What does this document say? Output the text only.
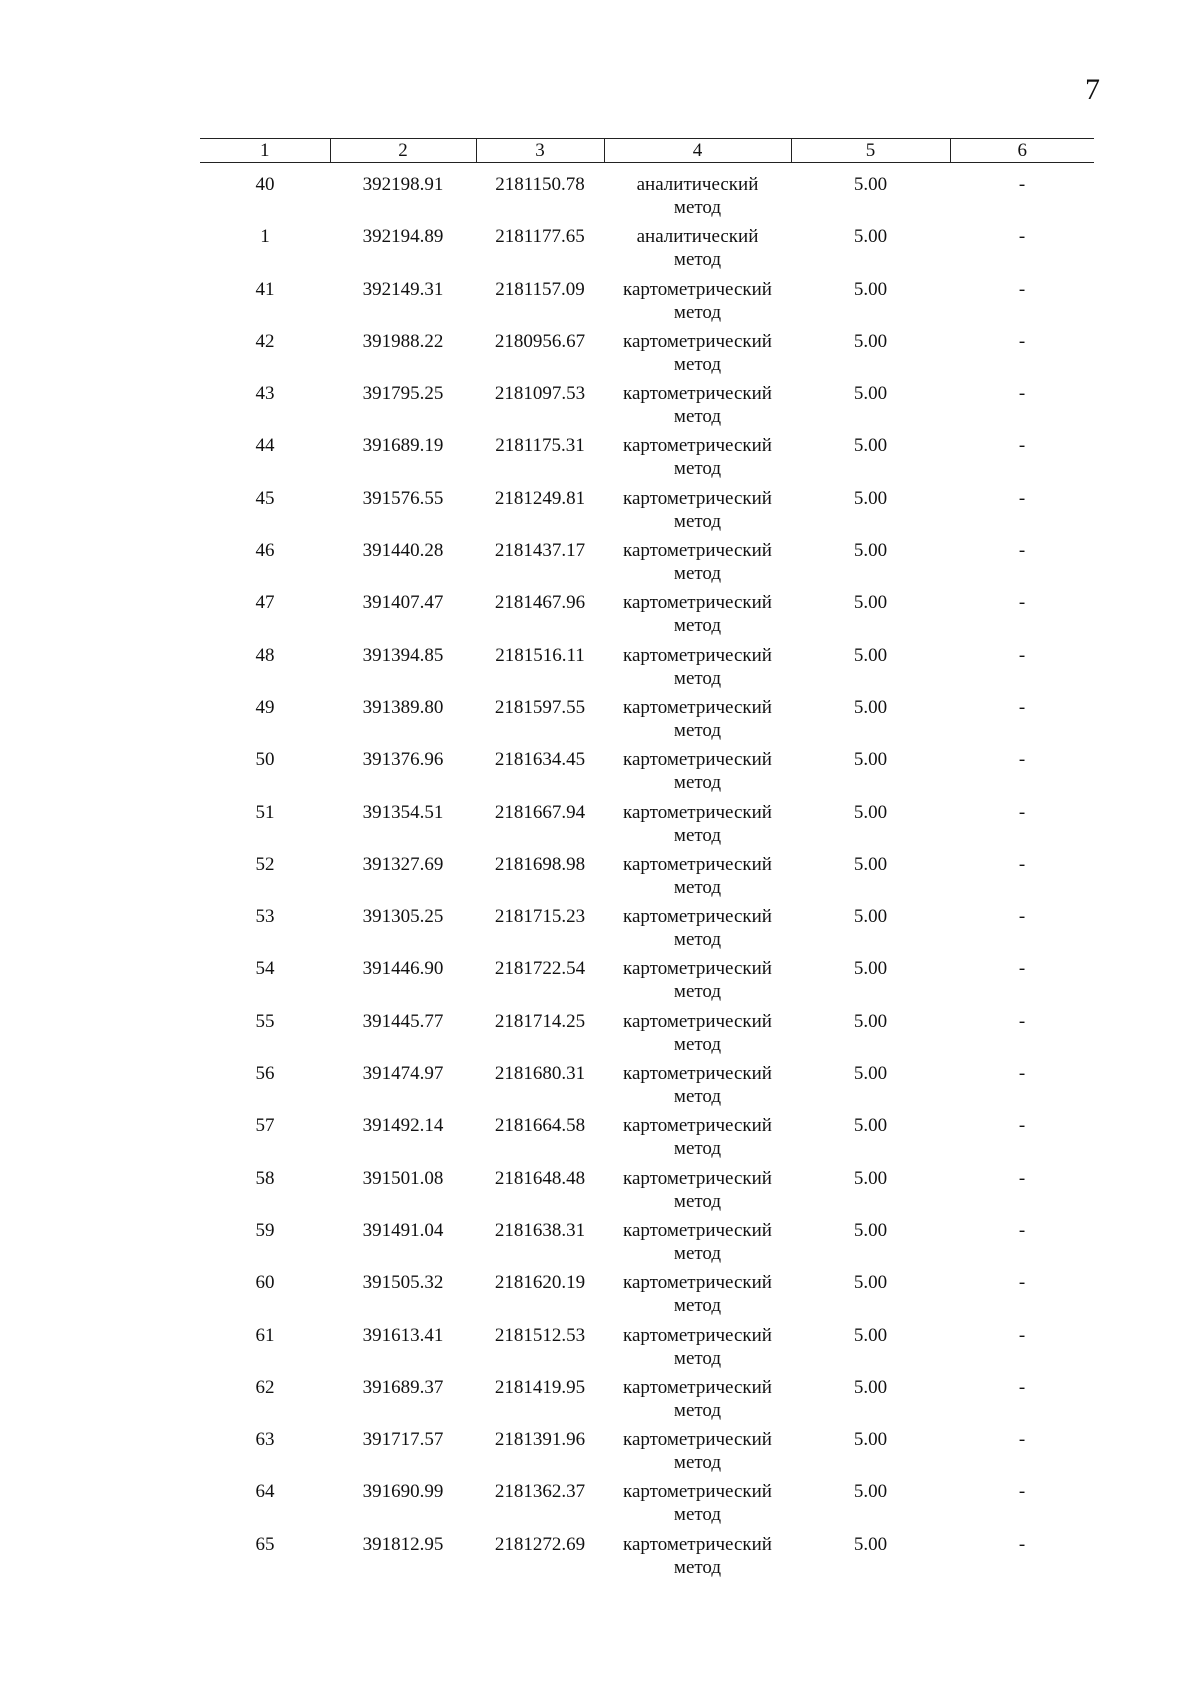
7
1	2	3	4	5	6

40	392198.91	2181150.78	аналитический
метод	5.00	-
1	392194.89	2181177.65	аналитический
метод	5.00	-
41	392149.31	2181157.09	картометрический
метод	5.00	-
42	391988.22	2180956.67	картометрический
метод	5.00	-
43	391795.25	2181097.53	картометрический
метод	5.00	-
44	391689.19	2181175.31	картометрический
метод	5.00	-
45	391576.55	2181249.81	картометрический
метод	5.00	-
46	391440.28	2181437.17	картометрический
метод	5.00	-
47	391407.47	2181467.96	картометрический
метод	5.00	-
48	391394.85	2181516.11	картометрический
метод	5.00	-
49	391389.80	2181597.55	картометрический
метод	5.00	-
50	391376.96	2181634.45	картометрический
метод	5.00	-
51	391354.51	2181667.94	картометрический
метод	5.00	-
52	391327.69	2181698.98	картометрический
метод	5.00	-
53	391305.25	2181715.23	картометрический
метод	5.00	-
54	391446.90	2181722.54	картометрический
метод	5.00	-
55	391445.77	2181714.25	картометрический
метод	5.00	-
56	391474.97	2181680.31	картометрический
метод	5.00	-
57	391492.14	2181664.58	картометрический
метод	5.00	-
58	391501.08	2181648.48	картометрический
метод	5.00	-
59	391491.04	2181638.31	картометрический
метод	5.00	-
60	391505.32	2181620.19	картометрический
метод	5.00	-
61	391613.41	2181512.53	картометрический
метод	5.00	-
62	391689.37	2181419.95	картометрический
метод	5.00	-
63	391717.57	2181391.96	картометрический
метод	5.00	-
64	391690.99	2181362.37	картометрический
метод	5.00	-
65	391812.95	2181272.69	картометрический
метод	5.00	-
